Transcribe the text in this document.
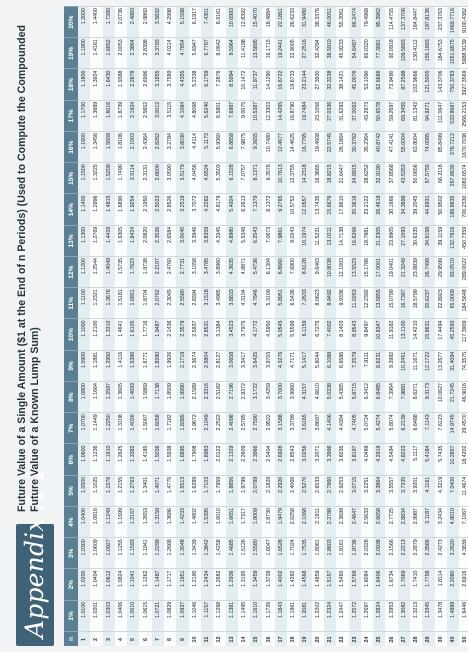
Appendix A-1
Future Value of a Single Amount ($1 at the End of n Periods) (Used to Compute the Compounded Future Value of a Known Lump Sum)
n	1%	2%	3%	4%	5%	6%	7%	8%	9%	10%	11%	12%	13%	14%	15%	16%	17%	18%	19%	20%
1	1.0100	1.0200	1.0300	1.0400	1.0500	1.0600	1.0700	1.0800	1.0900	1.1000	1.1100	1.1200	1.1300	1.1400	1.1500	1.1600	1.1700	1.1800	1.1900	1.2000
2	1.0201	1.0404	1.0609	1.0816	1.1025	1.1236	1.1449	1.1664	1.1881	1.2100	1.2321	1.2544	1.2769	1.2996	1.3225	1.3456	1.3689	1.3924	1.4161	1.4400
3	1.0303	1.0612	1.0927	1.1249	1.1576	1.1910	1.2250	1.2597	1.2950	1.3310	1.3676	1.4049	1.4429	1.4815	1.5209	1.5609	1.6016	1.6430	1.6852	1.7280
4	1.0406	1.0824	1.1255	1.1699	1.2155	1.2625	1.3108	1.3605	1.4116	1.4641	1.5181	1.5735	1.6305	1.6890	1.7490	1.8106	1.8739	1.9388	2.0053	2.0736
5	1.0510	1.1041	1.1593	1.2167	1.2763	1.3382	1.4026	1.4693	1.5386	1.6105	1.6851	1.7623	1.8424	1.9254	2.0114	2.1003	2.1924	2.2878	2.3864	2.4883
6	1.0615	1.1262	1.1941	1.2653	1.3401	1.4185	1.5007	1.5869	1.6771	1.7716	1.8704	1.9738	2.0820	2.1950	2.3131	2.4364	2.5652	2.6996	2.8398	2.9860
7	1.0721	1.1487	1.2299	1.3159	1.4071	1.5036	1.6058	1.7138	1.8280	1.9487	2.0762	2.2107	2.3526	2.5023	2.6600	2.8262	3.0012	3.1855	3.3793	3.5832
8	1.0829	1.1717	1.2668	1.3686	1.4775	1.5938	1.7182	1.8509	1.9926	2.1436	2.3045	2.4760	2.6584	2.8526	3.0590	3.2784	3.5115	3.7589	4.0214	4.2998
9	1.0937	1.1951	1.3048	1.4233	1.5513	1.6895	1.8385	1.9990	2.1719	2.3579	2.5580	2.7731	3.0040	3.2519	3.5179	3.8030	4.1084	4.4355	4.7854	5.1598
10	1.1046	1.2190	1.3439	1.4802	1.6289	1.7908	1.9672	2.1589	2.3674	2.5937	2.8394	3.1058	3.3946	3.7072	4.0456	4.4114	4.8068	5.2338	5.6947	6.1917
11	1.1157	1.2434	1.3842	1.5395	1.7103	1.8983	2.1049	2.3316	2.5804	2.8531	3.1518	3.4785	3.8359	4.2262	4.6524	5.1173	5.6240	6.1759	6.7767	7.4301
12	1.1268	1.2682	1.4258	1.6010	1.7959	2.0122	2.2522	2.5182	2.8127	3.1384	3.4985	3.8960	4.3345	4.8179	5.3503	5.9360	6.5801	7.2876	8.0642	8.9161
13	1.1381	1.2936	1.4685	1.6651	1.8856	2.1329	2.4098	2.7196	3.0658	3.4523	3.8833	4.3635	4.8980	5.4924	6.1528	6.8858	7.6987	8.5994	9.5964	10.6993
14	1.1495	1.3195	1.5126	1.7317	1.9799	2.2609	2.5785	2.9372	3.3417	3.7975	4.3104	4.8871	5.5348	6.2613	7.0757	7.9875	9.0075	10.1472	11.4198	12.8392
15	1.1610	1.3459	1.5580	1.8009	2.0789	2.3966	2.7590	3.1722	3.6425	4.1772	4.7846	5.4736	6.2543	7.1379	8.1371	9.2655	10.5387	11.9737	13.5895	15.4070
16	1.1726	1.3728	1.6047	1.8730	2.1829	2.5404	2.9522	3.4259	3.9703	4.5950	5.3109	6.1304	7.0673	8.1372	9.3576	10.7480	12.3303	14.1290	16.1715	18.4884
17	1.1843	1.4002	1.6528	1.9479	2.2920	2.6928	3.1588	3.7000	4.3276	5.0545	5.8951	6.8660	7.9861	9.2765	10.7613	12.4677	14.4265	16.6722	19.2441	22.1861
18	1.1961	1.4282	1.7024	2.0258	2.4066	2.8543	3.3799	3.9960	4.7171	5.5599	6.5436	7.6900	9.0243	10.5752	12.3755	14.4625	16.8790	19.6733	22.9005	26.6233
19	1.2081	1.4568	1.7535	2.1068	2.5270	3.0256	3.6165	4.3157	5.1417	6.1159	7.2633	8.6128	10.1974	12.0557	14.2318	16.7765	19.7484	23.2144	27.2516	31.9480
20	1.2202	1.4859	1.8061	2.1911	2.6533	3.2071	3.8697	4.6610	5.6044	6.7275	8.0623	9.6463	11.5231	13.7435	16.3665	19.4608	23.1056	27.3930	32.4294	38.3376
21	1.2324	1.5157	1.8603	2.2788	2.7860	3.3996	4.1406	5.0338	6.1088	7.4002	8.9492	10.8038	13.0211	15.6676	18.8215	22.5745	27.0336	32.3238	38.5910	46.0051
22	1.2447	1.5460	1.9161	2.3699	2.9253	3.6035	4.4304	5.4365	6.6586	8.1403	9.9336	12.1003	14.7138	17.8610	21.6447	26.1864	31.6293	38.1421	45.9233	55.2061
23	1.2572	1.5769	1.9736	2.4647	3.0715	3.8197	4.7405	5.8715	7.2579	8.9543	11.0263	13.5523	16.6266	20.3616	24.8915	30.3762	37.0062	45.0076	54.6487	66.2474
24	1.2697	1.6084	2.0328	2.5633	3.2251	4.0489	5.0724	6.3412	7.9111	9.8497	12.2392	15.1786	18.7881	23.2122	28.6252	35.2364	43.2973	53.1090	65.0320	79.4968
25	1.2824	1.6406	2.0938	2.6658	3.3864	4.2919	5.4274	6.8485	8.6231	10.8347	13.5855	17.0001	21.2305	26.4619	32.9190	40.8742	50.6578	62.6686	77.3881	95.3962
26	1.2953	1.6734	2.1566	2.7725	3.5557	4.5494	5.8074	7.3964	9.3992	11.9182	15.0799	19.0401	23.9905	30.1666	37.8568	47.4141	59.2697	73.9490	92.0918	114.4755
27	1.3082	1.7069	2.2213	2.8834	3.7335	4.8223	6.2139	7.9881	10.2451	13.1100	16.7387	21.3249	27.1093	34.3899	43.5353	55.0004	69.3455	87.2598	109.5893	137.3706
28	1.3213	1.7410	2.2879	2.9987	3.9201	5.1117	6.6488	8.6271	11.1671	14.4210	18.5799	23.8839	30.6335	39.2045	50.0656	63.8004	81.1342	102.9666	130.4112	164.8447
29	1.3345	1.7758	2.3566	3.1187	4.1161	5.4184	7.1143	9.3173	12.1722	15.8631	20.6237	26.7499	34.6158	44.6931	57.5755	74.0085	94.9271	121.5005	155.1893	197.8136
30	1.3478	1.8114	2.4273	3.2434	4.3219	5.7435	7.6123	10.0627	13.2677	17.4494	22.8923	29.9599	39.1159	50.9502	66.2118	85.8499	111.0647	143.3706	184.6753	237.3763
40	1.4889	2.2080	3.2620	4.8010	7.0400	10.2857	14.9745	21.7245	31.4094	45.2593	65.0009	93.0510	132.7816	188.8835	267.8635	378.7212	533.8687	750.3783	1051.6675	1469.7716
50	1.6446	2.6916	4.3839	7.1067	11.4674	18.4202	29.4570	46.9016	74.3575	117.3909	184.5648	289.0022	450.7359	700.2330	1083.6574	1670.7038	2566.2153	3927.3569	5988.9139	9100.4382
